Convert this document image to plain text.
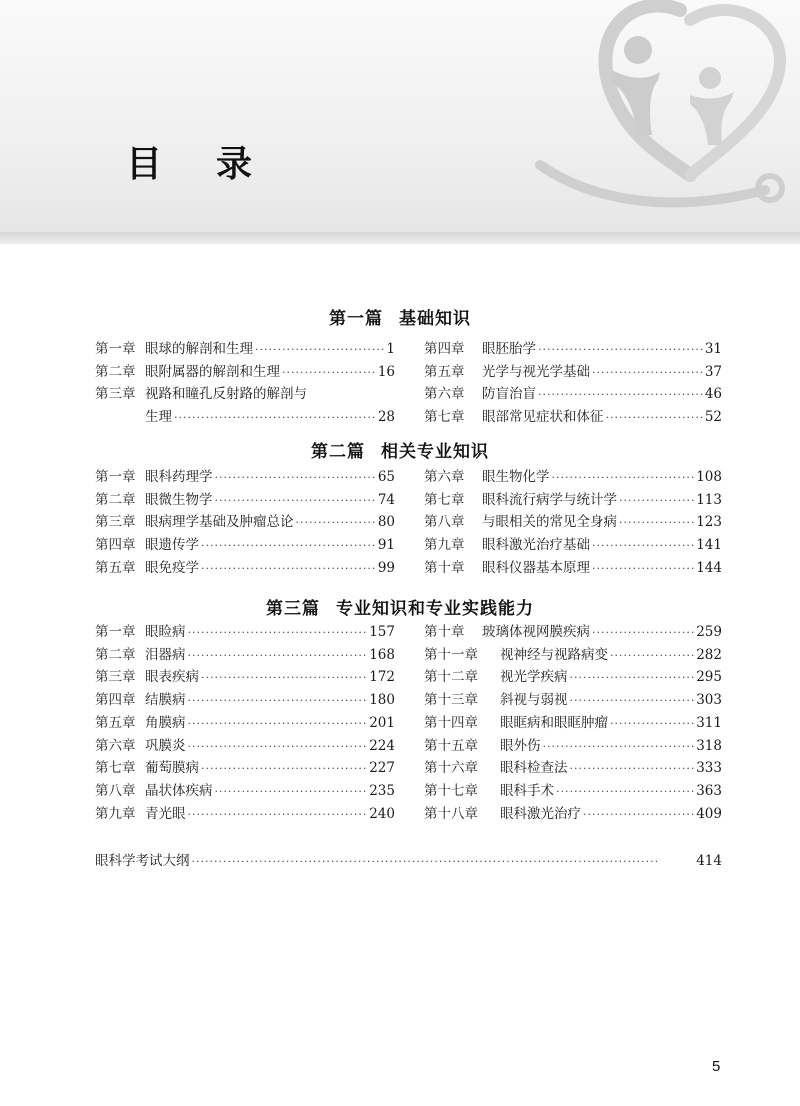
目录
第一篇 基础知识
第一章 眼球的解剖和生理 ·····	1
第二章 眼附属器的解剖和生理 ·····	16
第三章 视路和瞳孔反射路的解剖与
生理 ·····	28
第四章	眼胚胎学 ·····	31
第五章	光学与视光学基础 ·····	37
第六章	防盲治盲 ·····	46
第七章	眼部常见症状和体征 ·····	52
第二篇 相关专业知识
第一章 眼科药理学 ·····	65
第二章 眼微生物学 ·····	74
第三章 眼病理学基础及肿瘤总论 ·····	80
第四章 眼遗传学 ·····	91
第五章 眼免疫学 ·····	99
第六章	眼生物化学 ·····	108
第七章	眼科流行病学与统计学 ·····	113
第八章	与眼相关的常见全身病 ·····	123
第九章	眼科激光治疗基础 ·····	141
第十章	眼科仪器基本原理 ·····	144
第三篇 专业知识和专业实践能力
第一章 眼睑病 ·····	157
第二章 泪器病 ·····	168
第三章 眼表疾病 ·····	172
第四章 结膜病 ·····	180
第五章 角膜病 ·····	201
第六章 巩膜炎 ·····	224
第七章 葡萄膜病 ·····	227
第八章 晶状体疾病 ·····	235
第九章 青光眼 ·····	240
第十章	玻璃体视网膜疾病 ·····	259
第十一章	视神经与视路病变 ·····	282
第十二章	视光学疾病 ·····	295
第十三章	斜视与弱视 ·····	303
第十四章	眼眶病和眼眶肿瘤 ·····	311
第十五章	眼外伤 ·····	318
第十六章	眼科检查法 ·····	333
第十七章	眼科手术 ·····	363
第十八章	眼科激光治疗 ·····	409
眼科学考试大纲 ·····	414
5
